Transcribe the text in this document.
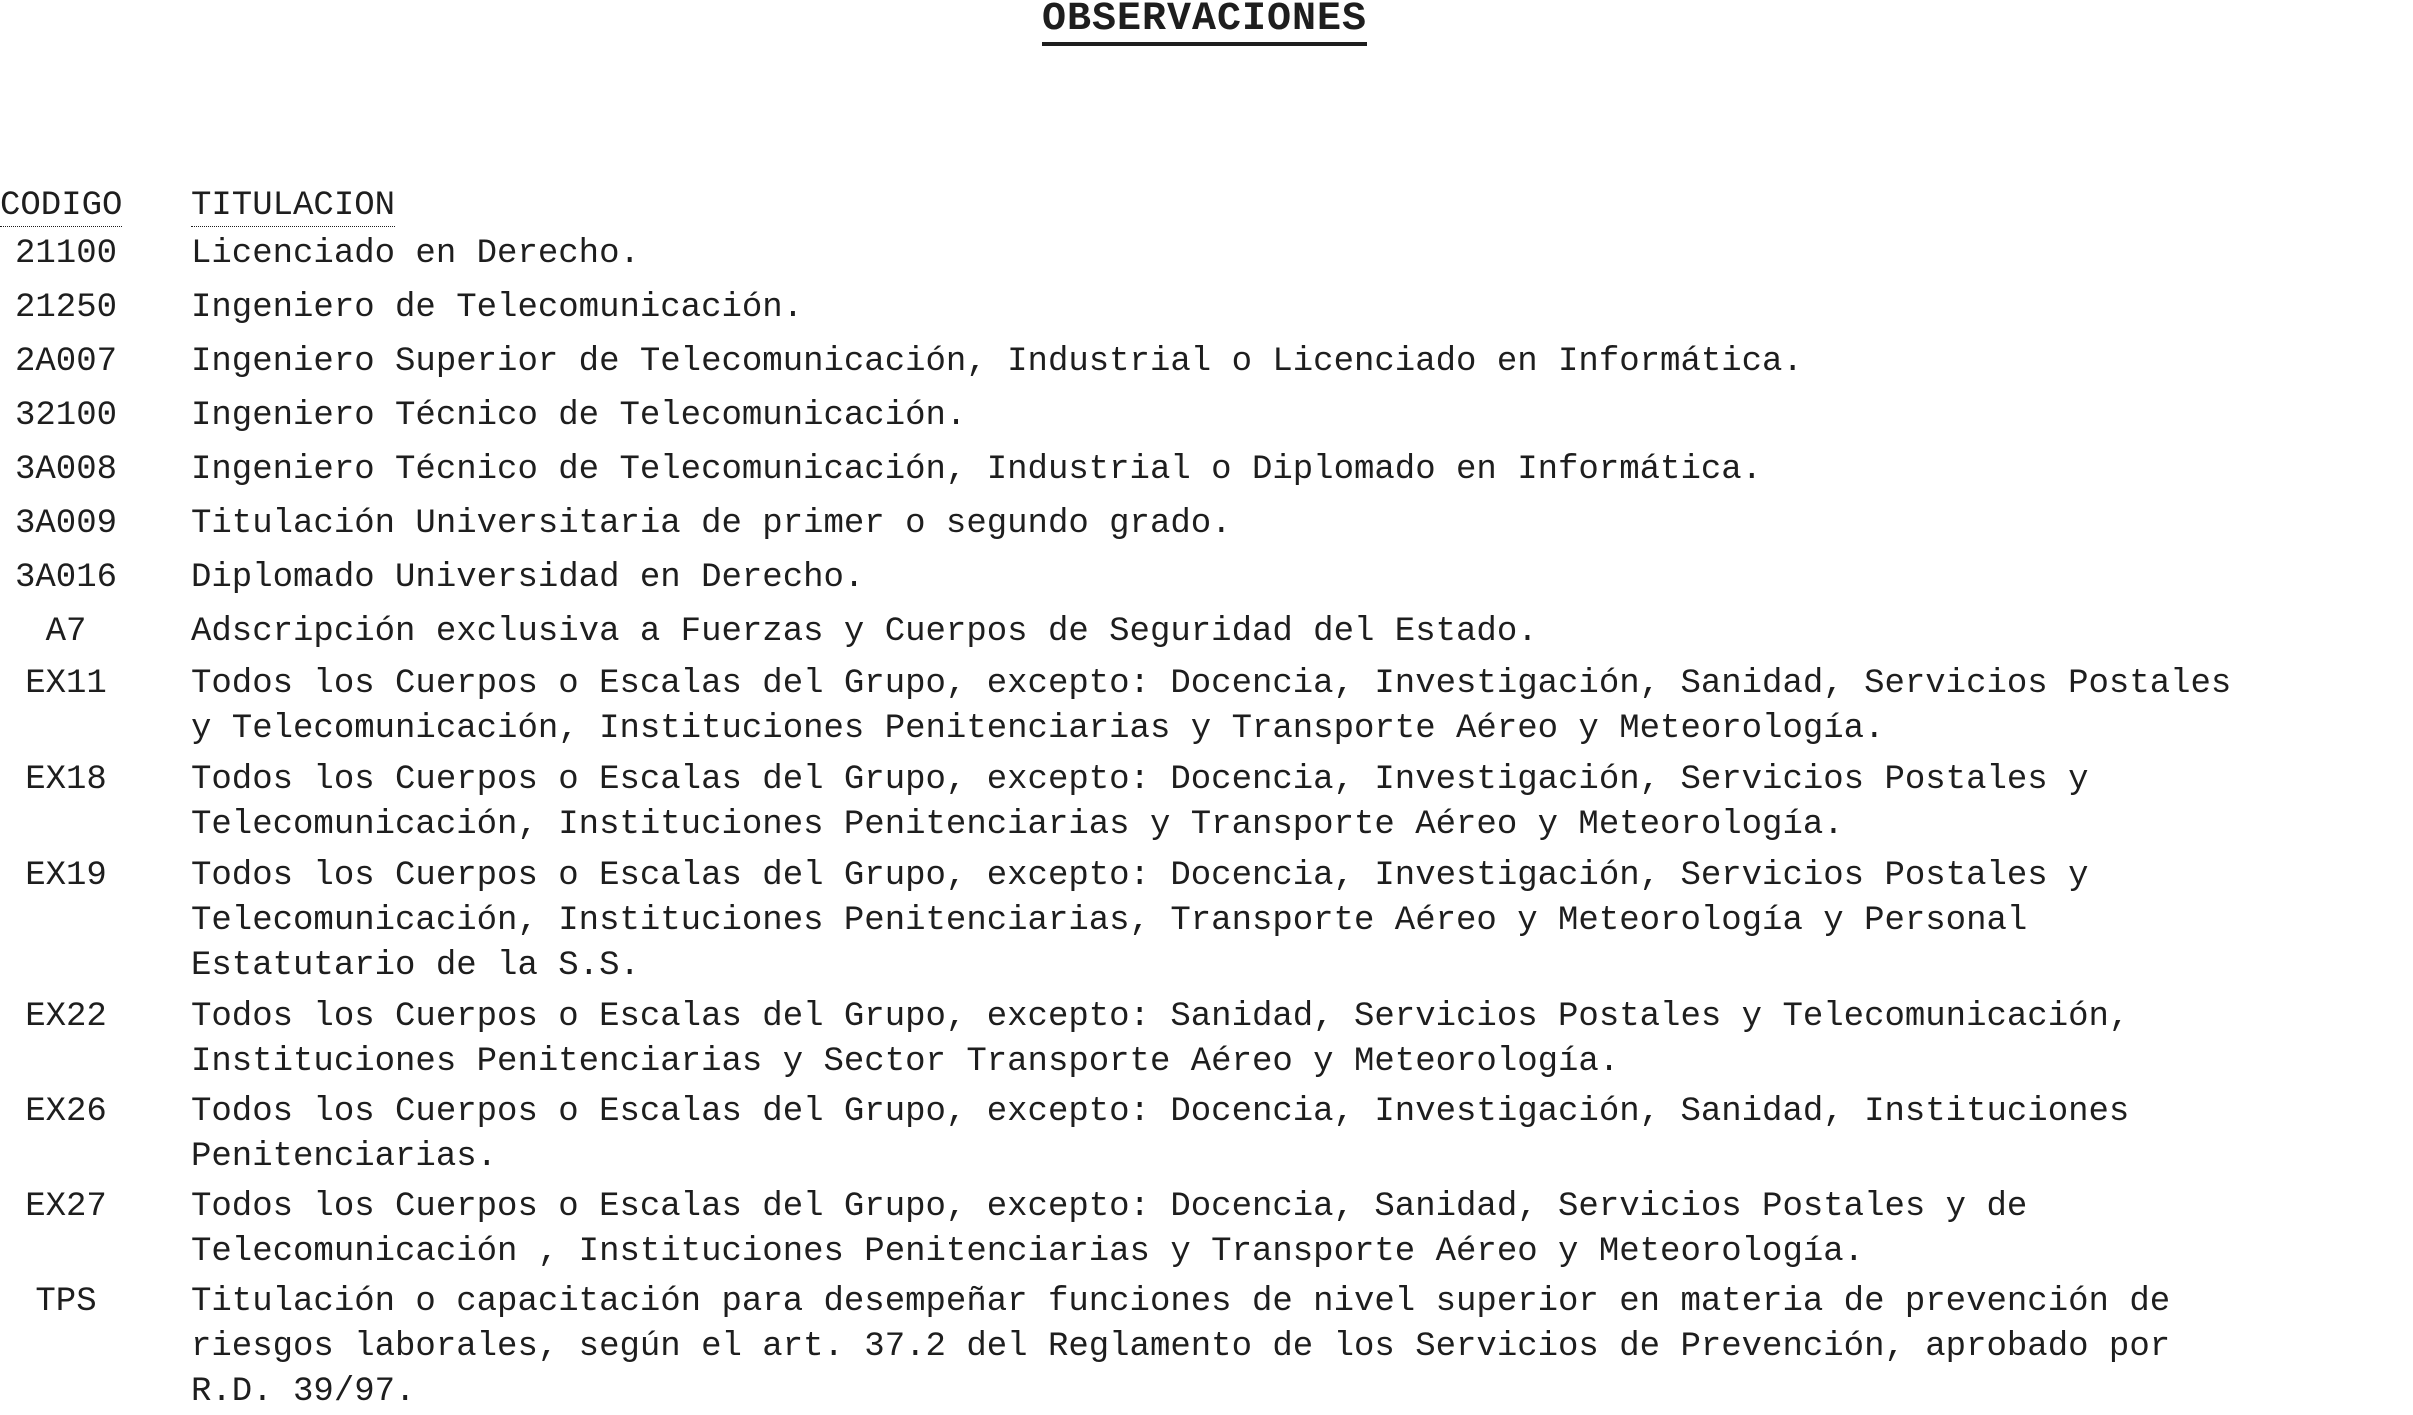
OBSERVACIONES
CODIGO TITULACION
21100	Licenciado en Derecho.
21250	Ingeniero de Telecomunicación.
2A007	Ingeniero Superior de Telecomunicación, Industrial o Licenciado en Informática.
32100	Ingeniero Técnico de Telecomunicación.
3A008	Ingeniero Técnico de Telecomunicación, Industrial o Diplomado en Informática.
3A009	Titulación Universitaria de primer o segundo grado.
3A016	Diplomado Universidad en Derecho.
A7	Adscripción exclusiva a Fuerzas y Cuerpos de Seguridad del Estado.
EX11	Todos los Cuerpos o Escalas del Grupo, excepto: Docencia, Investigación, Sanidad, Servicios Postales
y Telecomunicación, Instituciones Penitenciarias y Transporte Aéreo y Meteorología.
EX18	Todos los Cuerpos o Escalas del Grupo, excepto: Docencia, Investigación, Servicios Postales y
Telecomunicación, Instituciones Penitenciarias y Transporte Aéreo y Meteorología.
EX19	Todos los Cuerpos o Escalas del Grupo, excepto: Docencia, Investigación, Servicios Postales y
Telecomunicación, Instituciones Penitenciarias, Transporte Aéreo y Meteorología y Personal
Estatutario de la S.S.
EX22	Todos los Cuerpos o Escalas del Grupo, excepto: Sanidad, Servicios Postales y Telecomunicación,
Instituciones Penitenciarias y Sector Transporte Aéreo y Meteorología.
EX26	Todos los Cuerpos o Escalas del Grupo, excepto: Docencia, Investigación, Sanidad, Instituciones
Penitenciarias.
EX27	Todos los Cuerpos o Escalas del Grupo, excepto: Docencia, Sanidad, Servicios Postales y de
Telecomunicación , Instituciones Penitenciarias y Transporte Aéreo y Meteorología.
TPS	Titulación o capacitación para desempeñar funciones de nivel superior en materia de prevención de
riesgos laborales, según el art. 37.2 del Reglamento de los Servicios de Prevención, aprobado por
R.D. 39/97.
